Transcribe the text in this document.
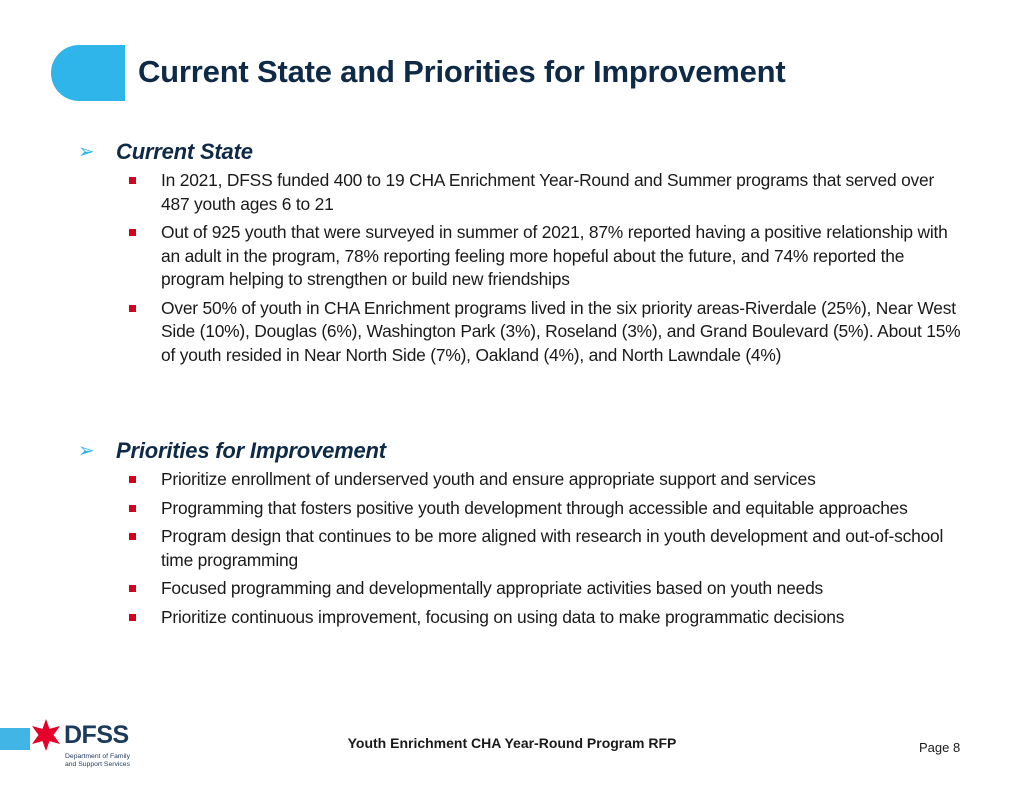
Current State and Priorities for Improvement
➢ Current State
In 2021, DFSS funded 400 to 19 CHA Enrichment Year-Round and Summer programs that served over 487 youth ages 6 to 21
Out of 925 youth that were surveyed in summer of 2021, 87% reported having a positive relationship with an adult in the program, 78% reporting feeling more hopeful about the future, and 74% reported the program helping to strengthen or build new friendships
Over 50% of youth in CHA Enrichment programs lived in the six priority areas-Riverdale (25%), Near West Side (10%), Douglas (6%), Washington Park (3%), Roseland (3%), and Grand Boulevard (5%). About 15% of youth resided in Near North Side (7%), Oakland (4%), and North Lawndale (4%)
➢ Priorities for Improvement
Prioritize enrollment of underserved youth and ensure appropriate support and services
Programming that fosters positive youth development through accessible and equitable approaches
Program design that continues to be more aligned with research in youth development and out-of-school time programming
Focused programming and developmentally appropriate activities based on youth needs
Prioritize continuous improvement, focusing on using data to make programmatic decisions
DFSS
Department of Family
and Support Services
Youth Enrichment CHA Year-Round Program RFP	Page 8
